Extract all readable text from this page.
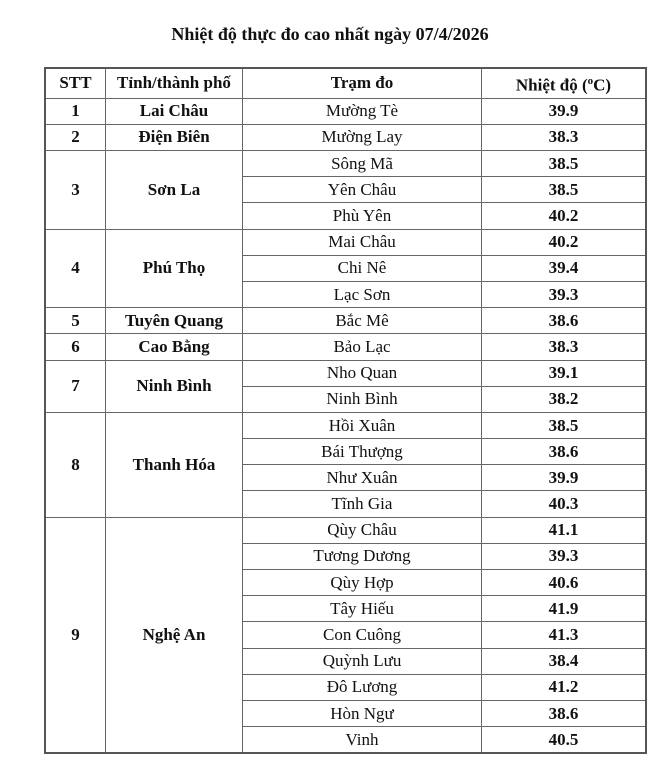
Nhiệt độ thực đo cao nhất ngày 07/4/2026
STT	Tỉnh/thành phố	Trạm đo	Nhiệt độ ($^o$C)
1	Lai Châu	Mường Tè	39.9
2	Điện Biên	Mường Lay	38.3
3	Sơn La	Sông Mã	38.5
		Yên Châu	38.5
		Phù Yên	40.2
4	Phú Thọ	Mai Châu	40.2
		Chi Nê	39.4
		Lạc Sơn	39.3
5	Tuyên Quang	Bắc Mê	38.6
6	Cao Bằng	Bảo Lạc	38.3
7	Ninh Bình	Nho Quan	39.1
		Ninh Bình	38.2
8	Thanh Hóa	Hồi Xuân	38.5
		Bái Thượng	38.6
		Như Xuân	39.9
		Tĩnh Gia	40.3
9	Nghệ An	Qùy Châu	41.1
		Tương Dương	39.3
		Qùy Hợp	40.6
		Tây Hiếu	41.9
		Con Cuông	41.3
		Quỳnh Lưu	38.4
		Đô Lương	41.2
		Hòn Ngư	38.6
		Vinh	40.5
